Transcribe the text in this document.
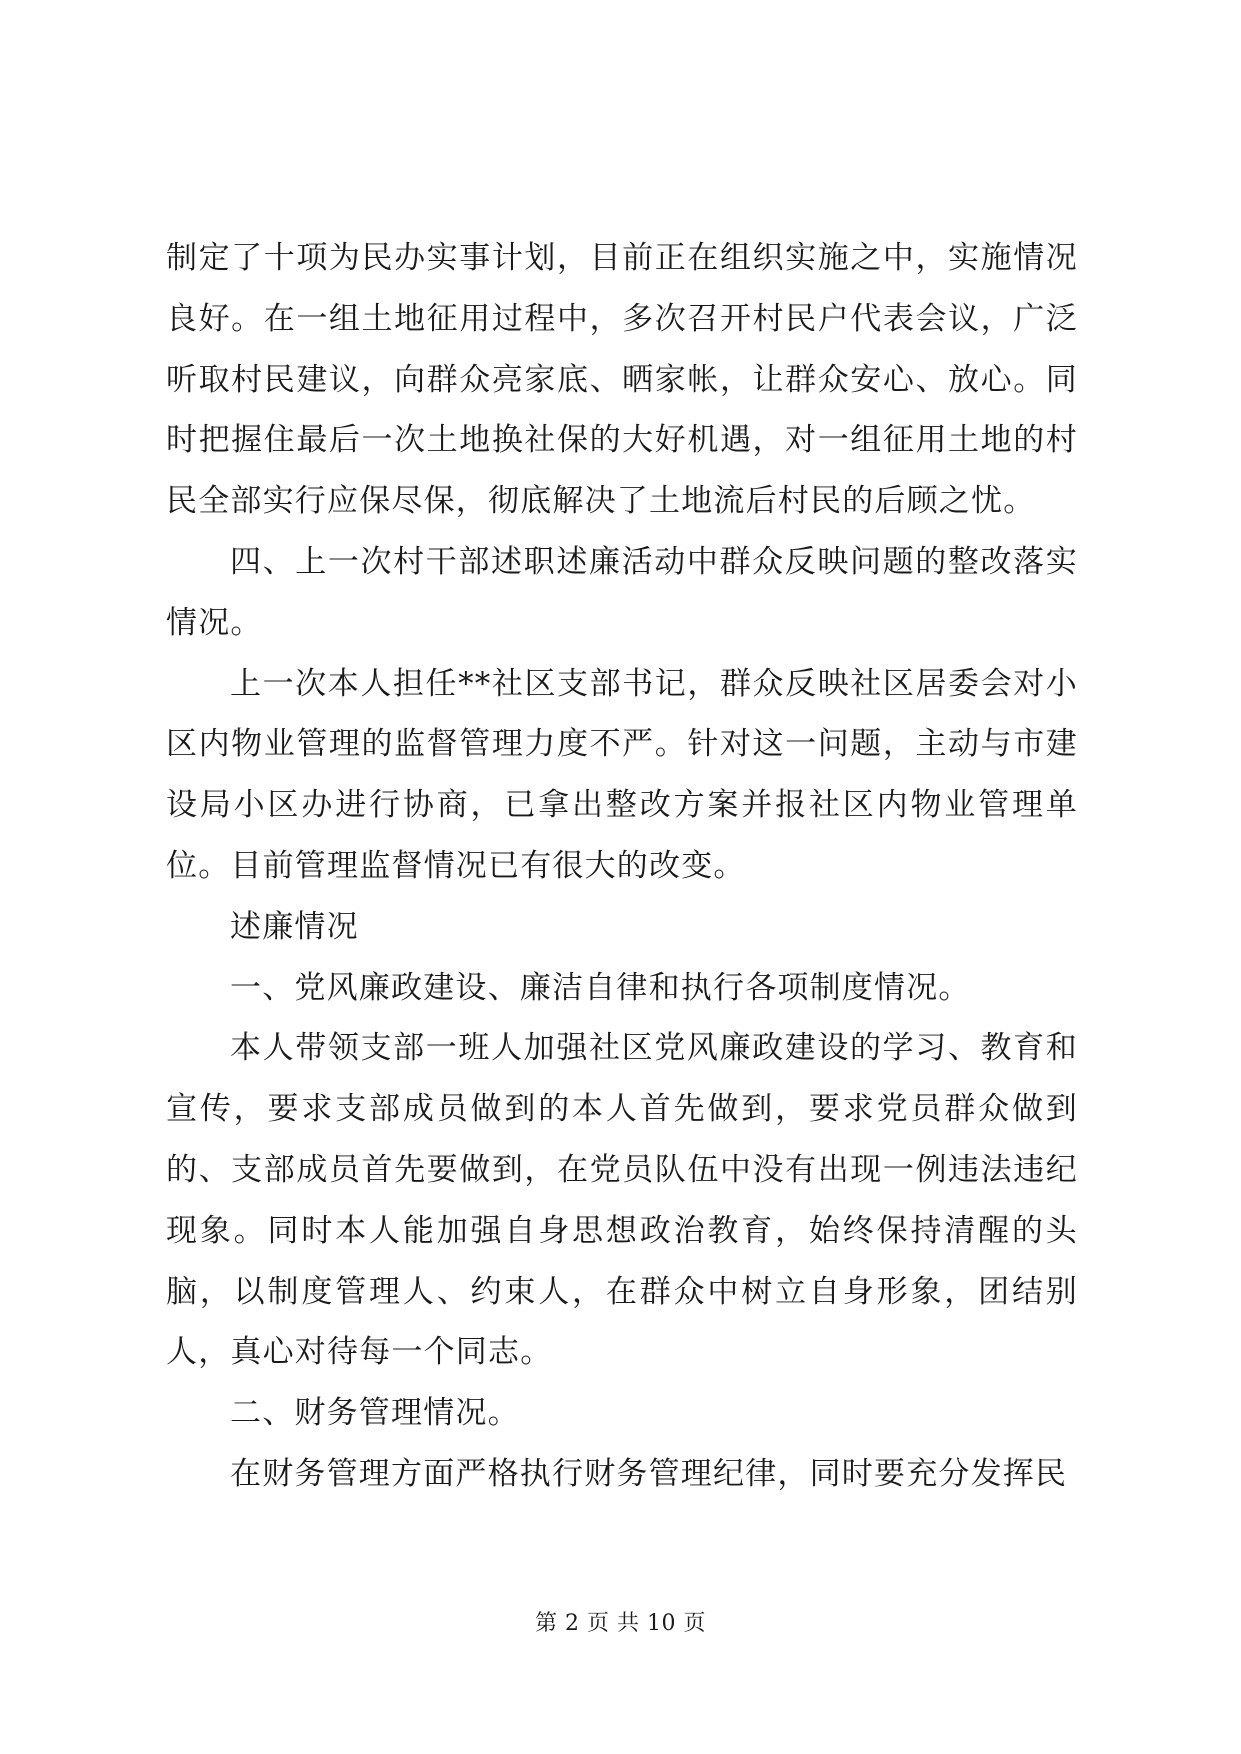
制定了十项为民办实事计划，目前正在组织实施之中，实施情况良好。在一组土地征用过程中，多次召开村民户代表会议，广泛听取村民建议，向群众亮家底、晒家帐，让群众安心、放心。同时把握住最后一次土地换社保的大好机遇，对一组征用土地的村民全部实行应保尽保，彻底解决了土地流后村民的后顾之忧。

四、上一次村干部述职述廉活动中群众反映问题的整改落实情况。

上一次本人担任**社区支部书记，群众反映社区居委会对小区内物业管理的监督管理力度不严。针对这一问题，主动与市建设局小区办进行协商，已拿出整改方案并报社区内物业管理单位。目前管理监督情况已有很大的改变。

述廉情况

一、党风廉政建设、廉洁自律和执行各项制度情况。

本人带领支部一班人加强社区党风廉政建设的学习、教育和宣传，要求支部成员做到的本人首先做到，要求党员群众做到的、支部成员首先要做到，在党员队伍中没有出现一例违法违纪现象。同时本人能加强自身思想政治教育，始终保持清醒的头脑，以制度管理人、约束人，在群众中树立自身形象，团结别人，真心对待每一个同志。

二、财务管理情况。

在财务管理方面严格执行财务管理纪律，同时要充分发挥民

第 2 页 共 10 页
